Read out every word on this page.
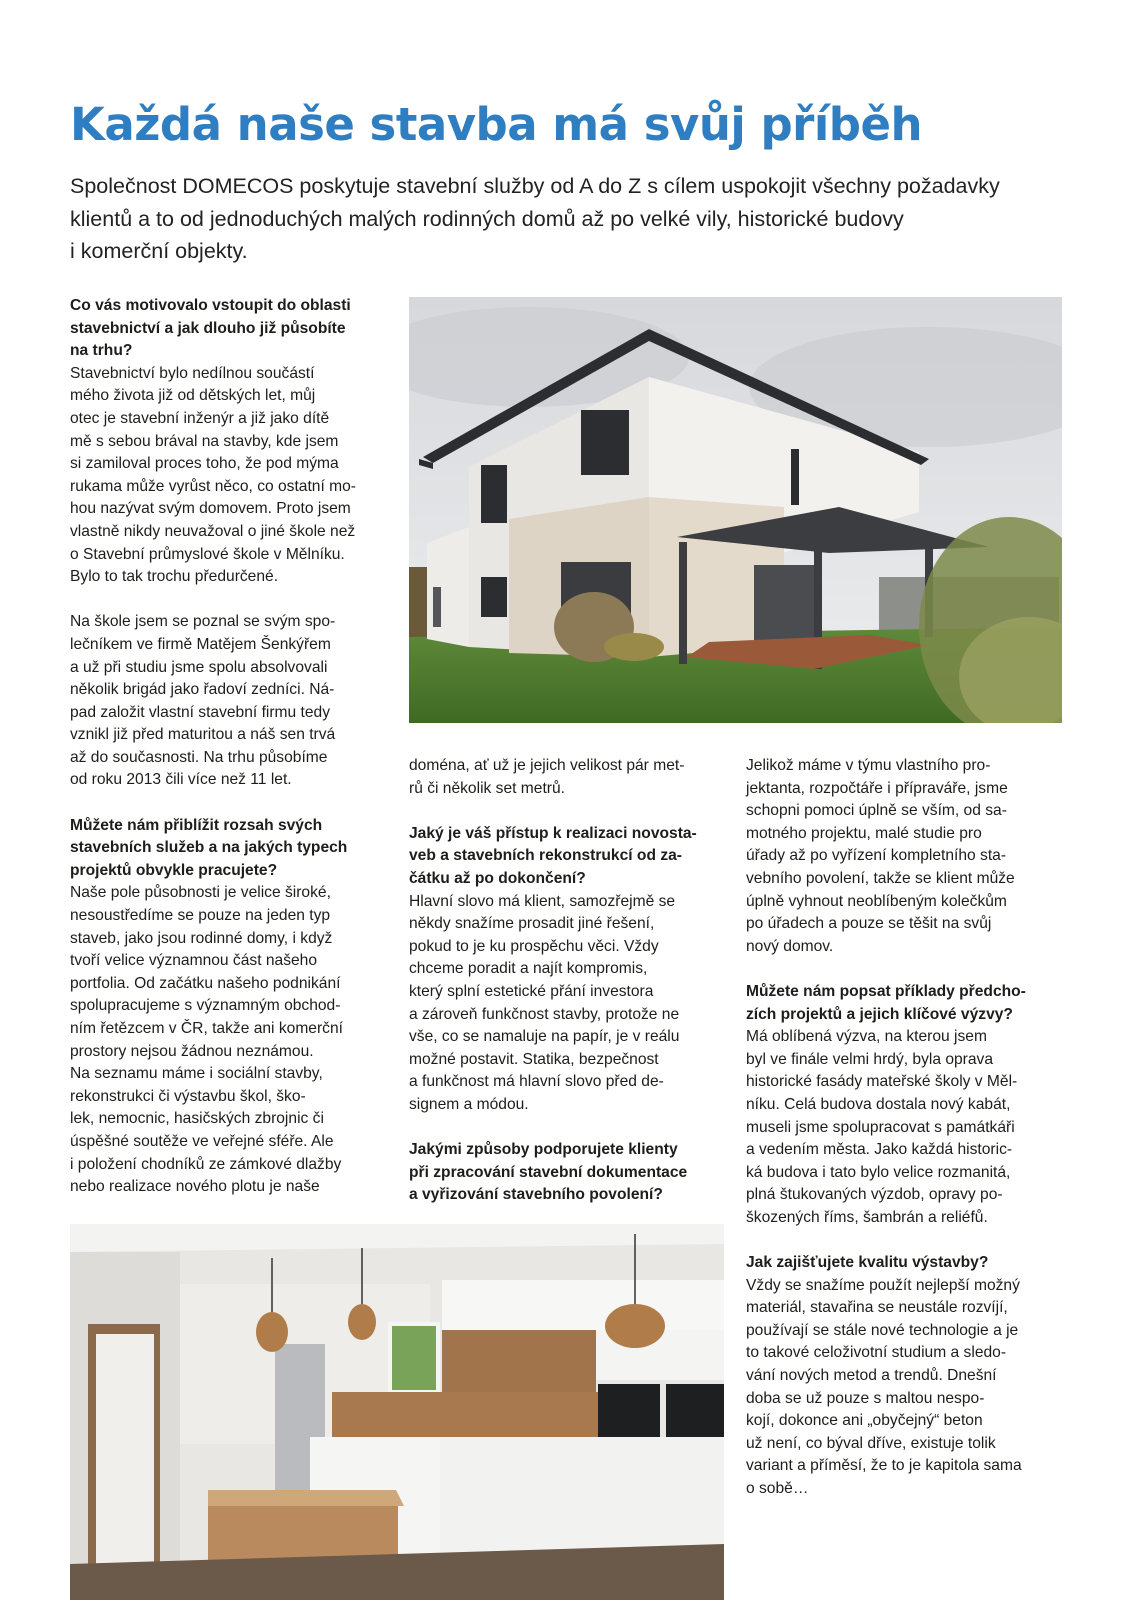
Každá naše stavba má svůj příběh

Společnost DOMECOS poskytuje stavební služby od A do Z s cílem uspokojit všechny požadavky
klientů a to od jednoduchých malých rodinných domů až po velké vily, historické budovy
i komerční objekty.

Co vás motivovalo vstoupit do oblasti

stavebnictví a jak dlouho již působíte

na trhu?

Stavebnictví bylo nedílnou součástí

mého života již od dětských let, můj

otec je stavební inženýr a již jako dítě

mě s sebou brával na stavby, kde jsem

si zamiloval proces toho, že pod mýma

rukama může vyrůst něco, co ostatní mo-

hou nazývat svým domovem. Proto jsem

vlastně nikdy neuvažoval o jiné škole než

o Stavební průmyslové škole v Mělníku.

Bylo to tak trochu předurčené.

Na škole jsem se poznal se svým spo-

lečníkem ve firmě Matějem Šenkýřem

a už při studiu jsme spolu absolvovali

několik brigád jako řadoví zedníci. Ná-

pad založit vlastní stavební firmu tedy

vznikl již před maturitou a náš sen trvá

až do současnosti. Na trhu působíme

od roku 2013 čili více než 11 let.

Můžete nám přiblížit rozsah svých

stavebních služeb a na jakých typech

projektů obvykle pracujete?

Naše pole působnosti je velice široké,

nesoustředíme se pouze na jeden typ

staveb, jako jsou rodinné domy, i když

tvoří velice významnou část našeho

portfolia. Od začátku našeho podnikání

spolupracujeme s významným obchod-

ním řetězcem v ČR, takže ani komerční

prostory nejsou žádnou neznámou.

Na seznamu máme i sociální stavby,

rekonstrukci či výstavbu škol, ško-

lek, nemocnic, hasičských zbrojnic či

úspěšné soutěže ve veřejné sféře. Ale

i položení chodníků ze zámkové dlažby

nebo realizace nového plotu je naše

doména, ať už je jejich velikost pár met-

rů či několik set metrů.

Jaký je váš přístup k realizaci novosta-

veb a stavebních rekonstrukcí od za-

čátku až po dokončení?

Hlavní slovo má klient, samozřejmě se

někdy snažíme prosadit jiné řešení,

pokud to je ku prospěchu věci. Vždy

chceme poradit a najít kompromis,

který splní estetické přání investora

a zároveň funkčnost stavby, protože ne

vše, co se namaluje na papír, je v reálu

možné postavit. Statika, bezpečnost

a funkčnost má hlavní slovo před de-

signem a módou.

Jakými způsoby podporujete klienty

při zpracování stavební dokumentace

a vyřizování stavebního povolení?

Jelikož máme v týmu vlastního pro-

jektanta, rozpočtáře i přípraváře, jsme

schopni pomoci úplně se vším, od sa-

motného projektu, malé studie pro

úřady až po vyřízení kompletního sta-

vebního povolení, takže se klient může

úplně vyhnout neoblíbeným kolečkům

po úřadech a pouze se těšit na svůj

nový domov.

Můžete nám popsat příklady předcho-

zích projektů a jejich klíčové výzvy?

Má oblíbená výzva, na kterou jsem

byl ve finále velmi hrdý, byla oprava

historické fasády mateřské školy v Měl-

níku. Celá budova dostala nový kabát,

museli jsme spolupracovat s památkáři

a vedením města. Jako každá historic-

ká budova i tato bylo velice rozmanitá,

plná štukovaných výzdob, opravy po-

škozených říms, šambrán a reliéfů.

Jak zajišťujete kvalitu výstavby?

Vždy se snažíme použít nejlepší možný

materiál, stavařina se neustále rozvíjí,

používají se stále nové technologie a je

to takové celoživotní studium a sledo-

vání nových metod a trendů. Dnešní

doba se už pouze s maltou nespo-

kojí, dokonce ani „obyčejný“ beton

už není, co býval dříve, existuje tolik

variant a příměsí, že to je kapitola sama

o sobě…
